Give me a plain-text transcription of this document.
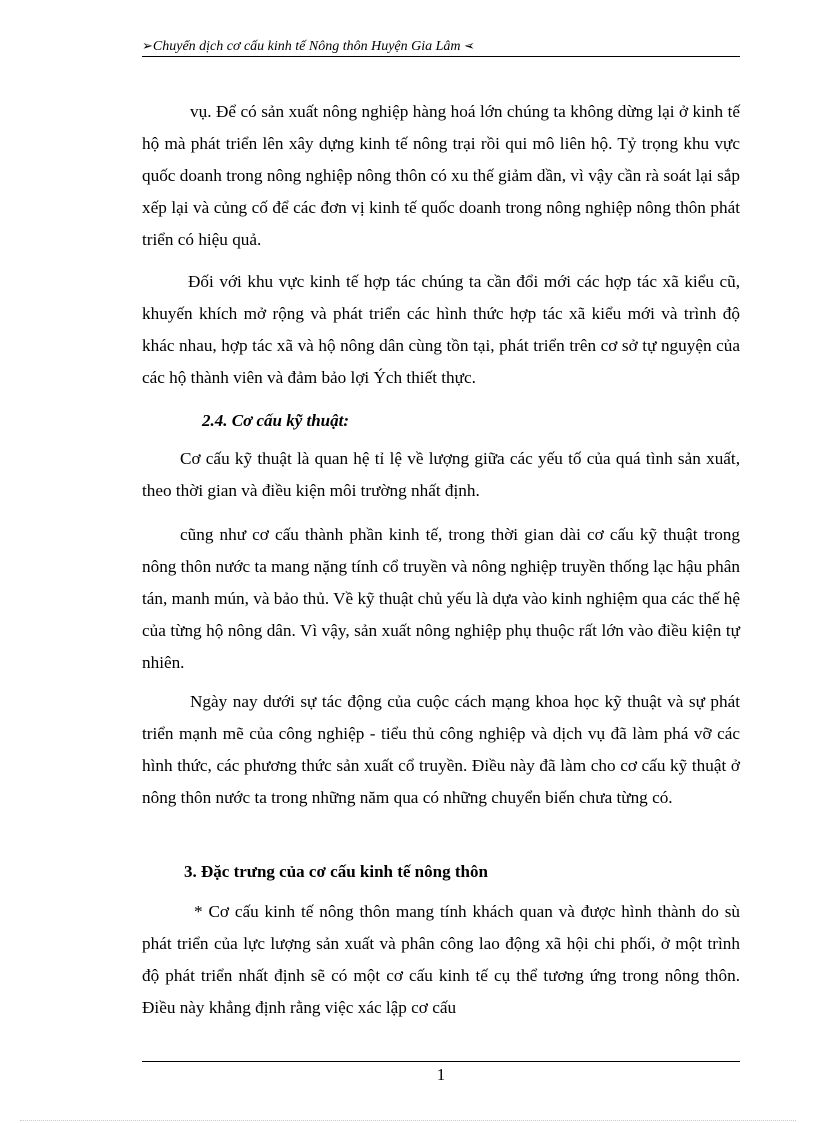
➢Chuyển dịch cơ cấu kinh tế Nông thôn Huyện Gia Lâm ➢

vụ. Để có sản xuất nông nghiệp hàng hoá lớn chúng ta không dừng lại ở kinh tế hộ mà phát triển lên xây dựng kinh tế nông trại rồi qui mô liên hộ. Tỷ trọng khu vực quốc doanh trong nông nghiệp nông thôn có xu thế giảm dần, vì vậy cần rà soát lại sắp xếp lại và củng cố để các đơn vị kinh tế quốc doanh trong nông nghiệp nông thôn phát triển có hiệu quả.

Đối với khu vực kinh tế hợp tác chúng ta cần đổi mới các hợp tác xã kiểu cũ, khuyến khích mở rộng và phát triển các hình thức hợp tác xã kiểu mới và trình độ khác nhau, hợp tác xã và hộ nông dân cùng tồn tại, phát triển trên cơ sở tự nguyện của các hộ thành viên và đảm bảo lợi Ých thiết thực.

2.4. Cơ cấu kỹ thuật:

Cơ cấu kỹ thuật là quan hệ tỉ lệ về lượng giữa các yếu tố của quá tình sản xuất, theo thời gian và điều kiện môi trường nhất định.

cũng như cơ cấu thành phần kinh tế, trong thời gian dài cơ cấu kỹ thuật trong nông thôn nước ta mang nặng tính cổ truyền và nông nghiệp truyền thống lạc hậu phân tán, manh mún, và bảo thủ. Về kỹ thuật chủ yếu là dựa vào kinh nghiệm qua các thế hệ của từng hộ nông dân. Vì vậy, sản xuất nông nghiệp phụ thuộc rất lớn vào điều kiện tự nhiên.

Ngày nay dưới sự tác động của cuộc cách mạng khoa học kỹ thuật và sự phát triển mạnh mẽ của công nghiệp - tiểu thủ công nghiệp và dịch vụ đã làm phá vỡ các hình thức, các phương thức sản xuất cổ truyền. Điều này đã làm cho cơ cấu kỹ thuật ở nông thôn nước ta trong những năm qua có những chuyển biến chưa từng có.

3. Đặc trưng của cơ cấu kinh tế nông thôn

* Cơ cấu kinh tế nông thôn mang tính khách quan và được hình thành do sù phát triển của lực lượng sản xuất và phân công lao động xã hội chi phối, ở một trình độ phát triển nhất định sẽ có một cơ cấu kinh tế cụ thể tương ứng trong nông thôn. Điều này khẳng định rằng việc xác lập cơ cấu

1
